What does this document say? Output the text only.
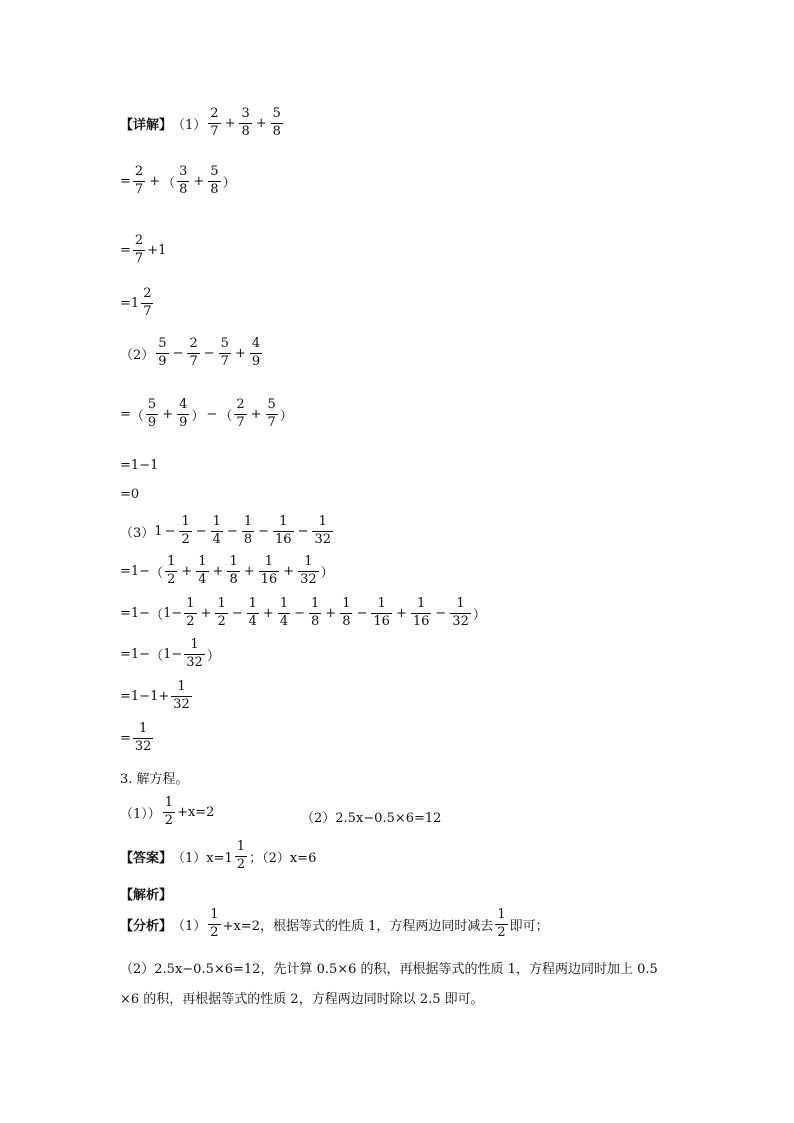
【详解】 $(1) \frac{2}{7} + \frac{3}{8} + \frac{5}{8}$
= $\frac{2}{7}$ + （ $\frac{3}{8} + \frac{5}{8}$ ）
= $\frac{2}{7} +1$
= $1 \frac{2}{7}$
$(2) \frac{5}{9} - \frac{2}{7} - \frac{5}{7} + \frac{4}{9}$
= （ $\frac{5}{9} + \frac{4}{9}$ ） − （ $\frac{2}{7} + \frac{5}{7}$ ）
= 1−1
= 0
（3） $1 - \frac{1}{2} - \frac{1}{4} - \frac{1}{8} - \frac{1}{16} - \frac{1}{32}$
= 1− （ $\frac{1}{2} + \frac{1}{4} + \frac{1}{8} + \frac{1}{16} + \frac{1}{32}$ ）
= 1− （ $1- \frac{1}{2} + \frac{1}{2} - \frac{1}{4} + \frac{1}{4} - \frac{1}{8} + \frac{1}{8} - \frac{1}{16} + \frac{1}{16} - \frac{1}{32}$ ）
= 1− （ $1- \frac{1}{32}$ ）
= $1-1+ \frac{1}{32}$
= $\frac{1}{32}$
3. 解方程。
$(1)) \frac{1}{2} +x=2$	（2）2.5x−0.5×6=12
【答案】 $(1)x=1 \frac{1}{2}$ ；（2）x=6
【解析】
【分析】 $(1) \frac{1}{2} +x=2$，根据等式的性质 1，方程两边同时减去 $\frac{1}{2}$ 即可；
（2）2.5x−0.5×6=12，先计算 0.5×6 的积，再根据等式的性质 1，方程两边同时加上 0.5
×6 的积，再根据等式的性质 2，方程两边同时除以 2.5 即可。
